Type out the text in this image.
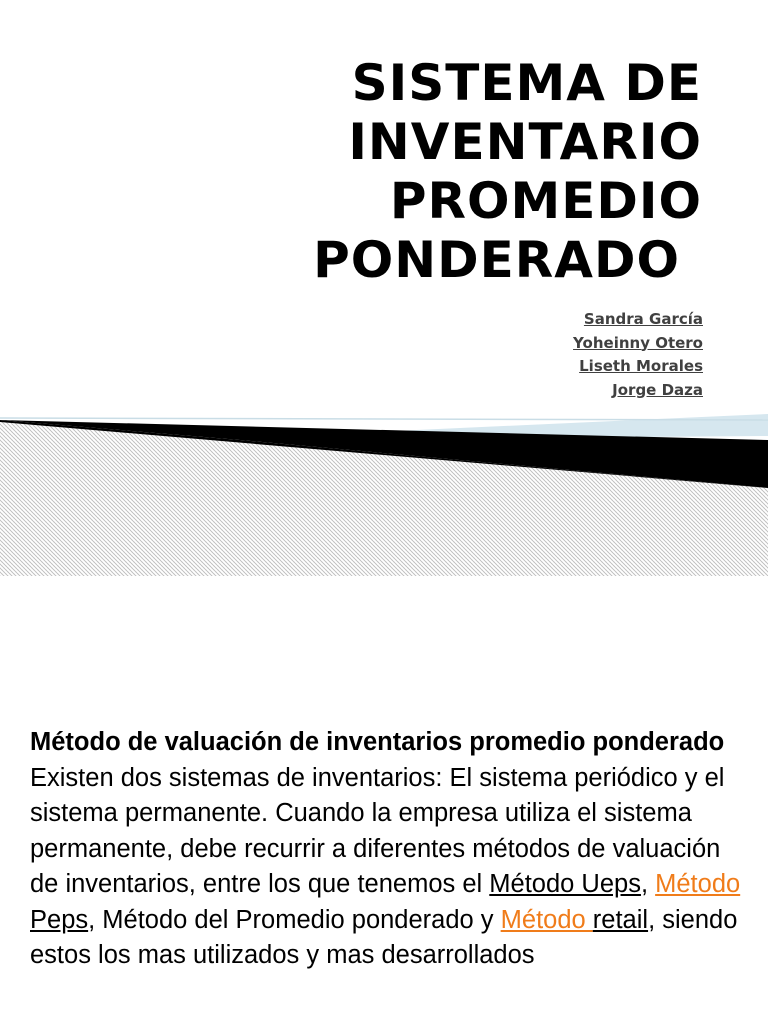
SISTEMA DE
INVENTARIO
PROMEDIO
PONDERADO
Sandra García
Yoheinny Otero
Liseth Morales
Jorge Daza
Método de valuación de inventarios promedio ponderado
Existen dos sistemas de inventarios: El sistema periódico y el sistema permanente. Cuando la empresa utiliza el sistema permanente, debe recurrir a diferentes métodos de valuación de inventarios, entre los que tenemos el Método Ueps, Método Peps, Método del Promedio ponderado y Método retail, siendo estos los mas utilizados y mas desarrollados
